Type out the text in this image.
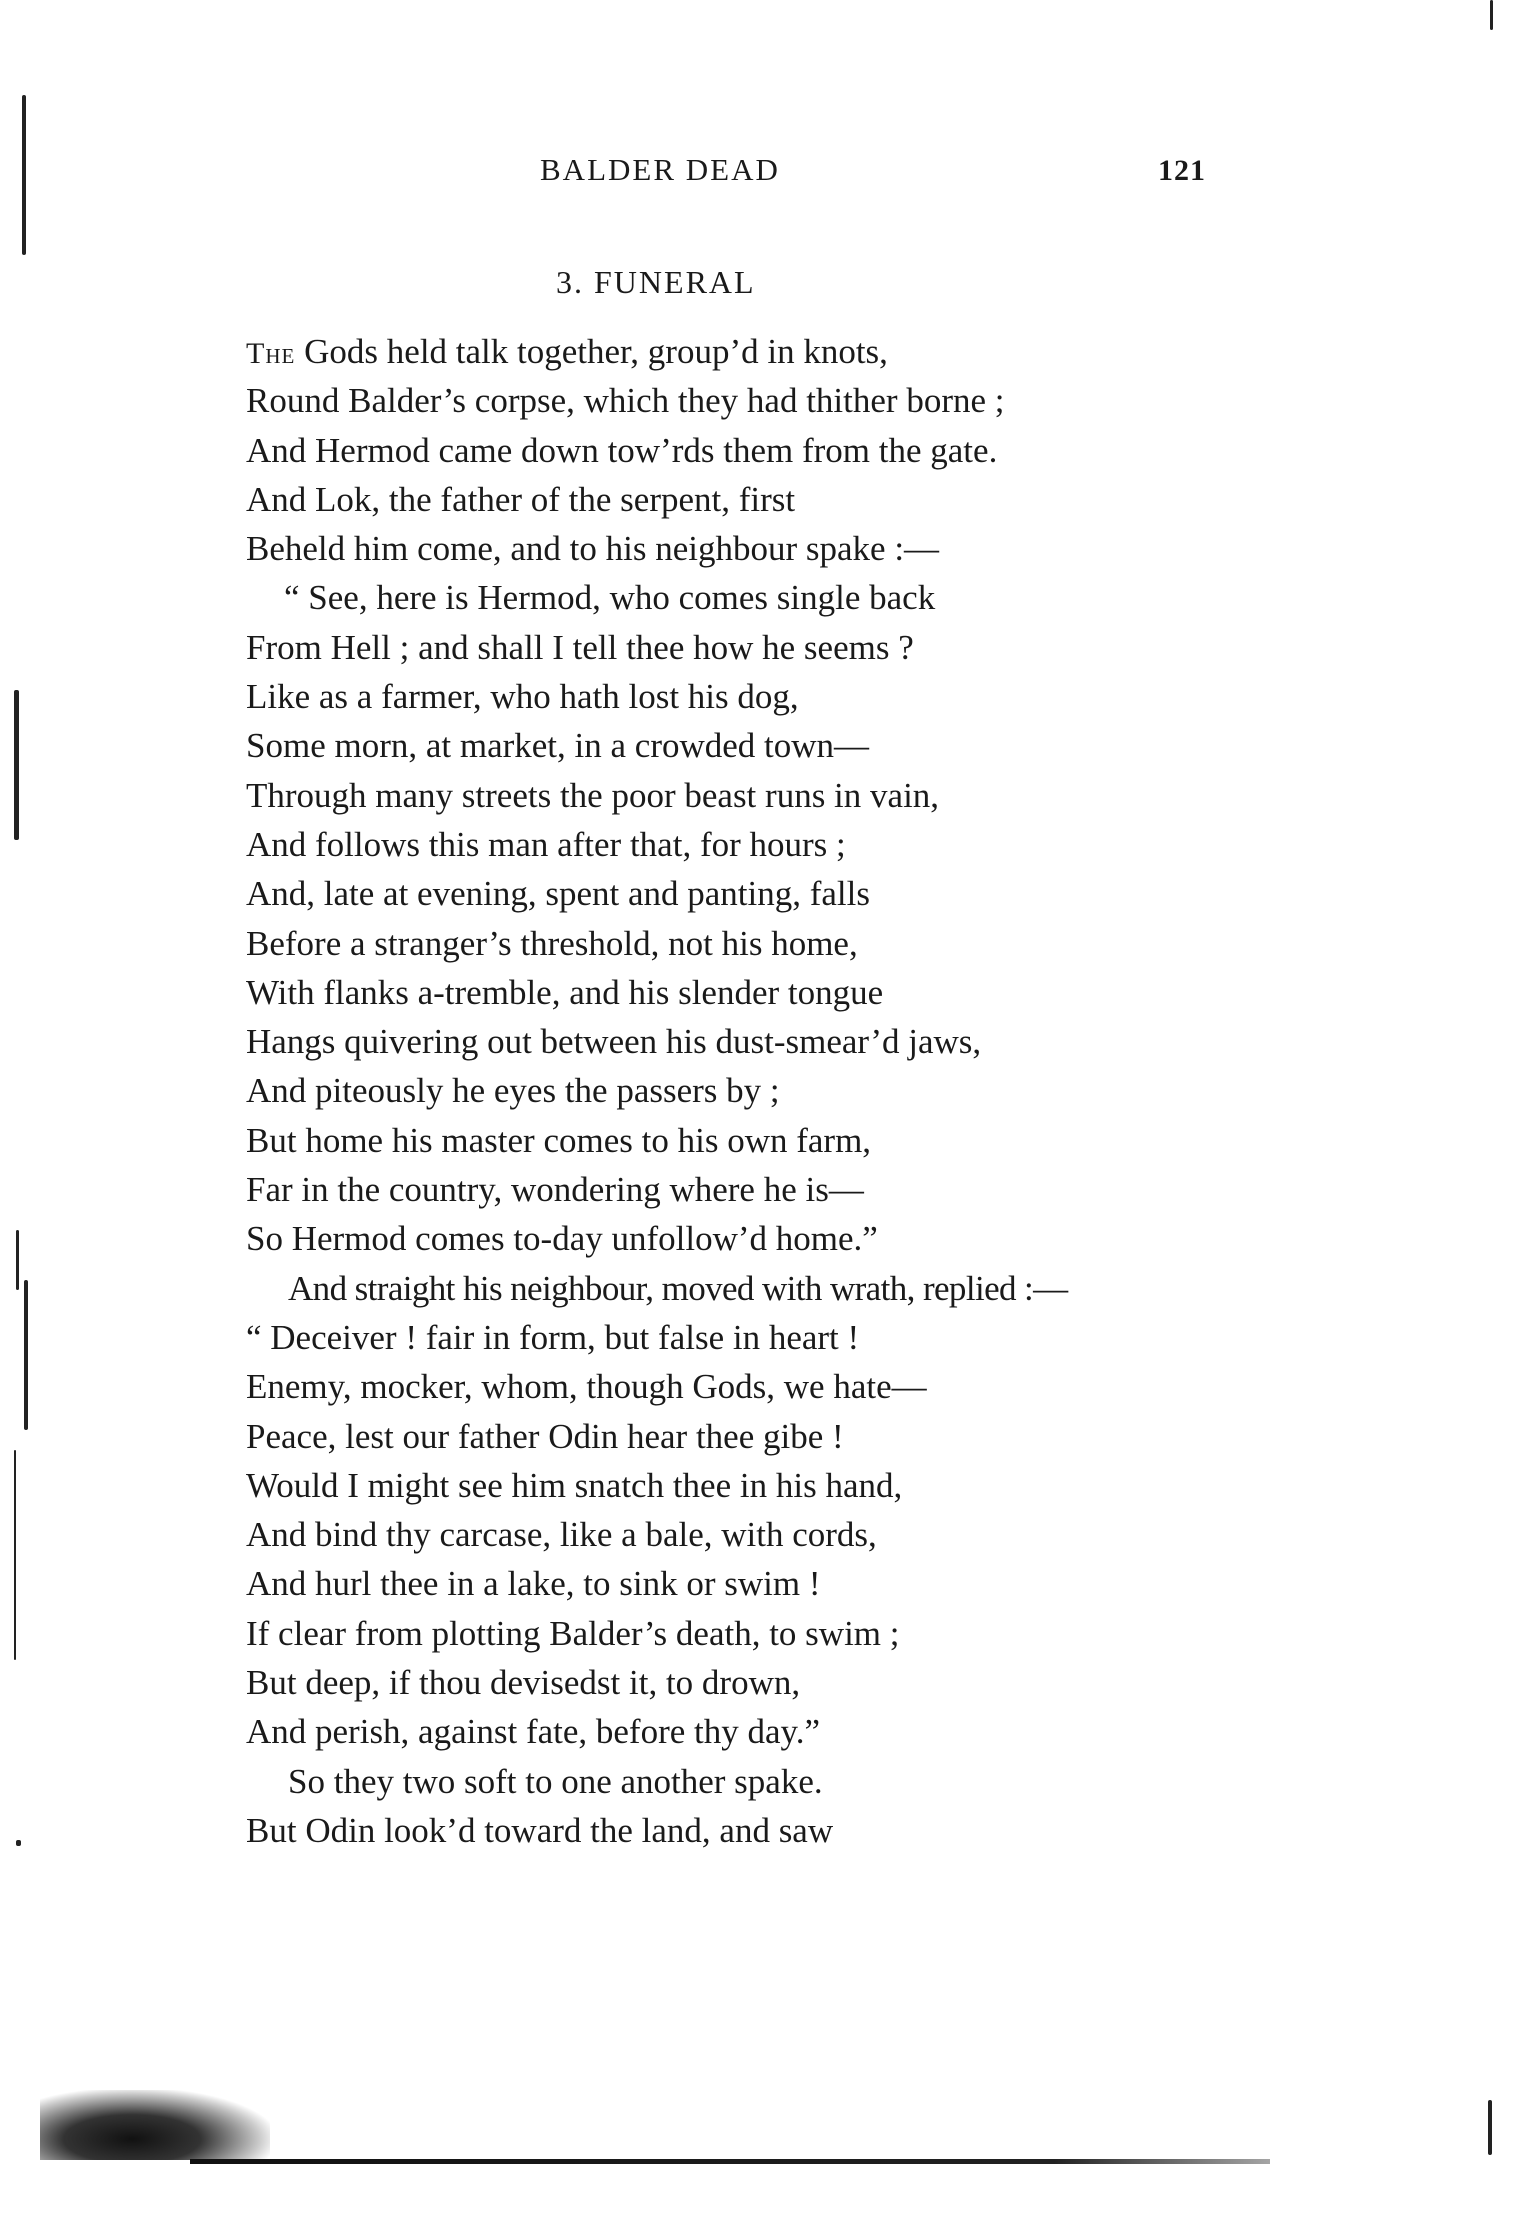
BALDER DEAD	121
3. FUNERAL
The Gods held talk together, group’d in knots,
Round Balder’s corpse, which they had thither borne ;
And Hermod came down tow’rds them from the gate.
And Lok, the father of the serpent, first
Beheld him come, and to his neighbour spake :—
“ See, here is Hermod, who comes single back
From Hell ; and shall I tell thee how he seems ?
Like as a farmer, who hath lost his dog,
Some morn, at market, in a crowded town—
Through many streets the poor beast runs in vain,
And follows this man after that, for hours ;
And, late at evening, spent and panting, falls
Before a stranger’s threshold, not his home,
With flanks a-tremble, and his slender tongue
Hangs quivering out between his dust-smear’d jaws,
And piteously he eyes the passers by ;
But home his master comes to his own farm,
Far in the country, wondering where he is—
So Hermod comes to-day unfollow’d home.”
And straight his neighbour, moved with wrath, replied :—
“ Deceiver ! fair in form, but false in heart !
Enemy, mocker, whom, though Gods, we hate—
Peace, lest our father Odin hear thee gibe !
Would I might see him snatch thee in his hand,
And bind thy carcase, like a bale, with cords,
And hurl thee in a lake, to sink or swim !
If clear from plotting Balder’s death, to swim ;
But deep, if thou devisedst it, to drown,
And perish, against fate, before thy day.”
So they two soft to one another spake.
But Odin look’d toward the land, and saw
